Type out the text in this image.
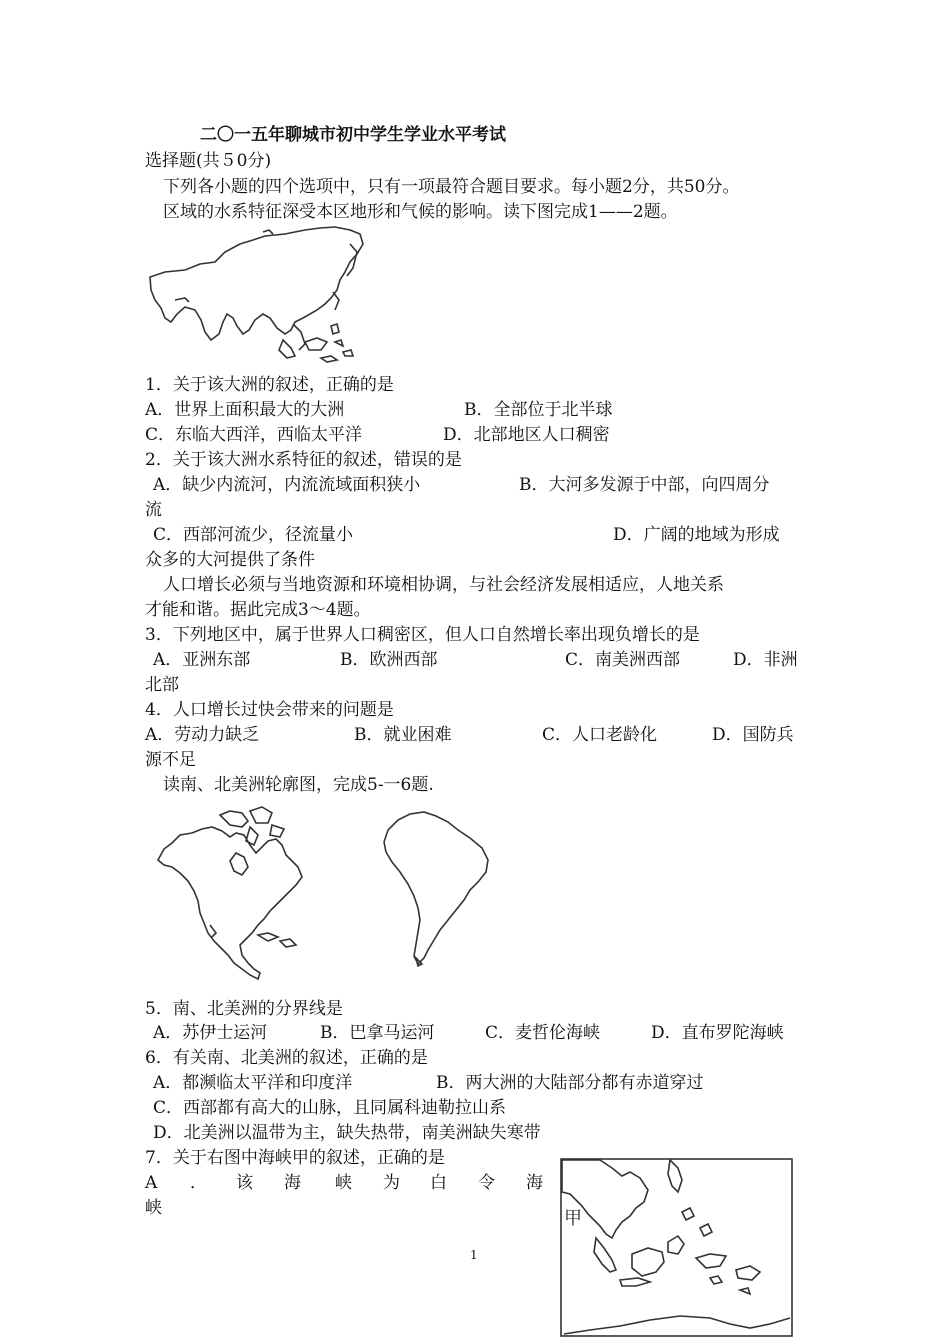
二〇一五年聊城市初中学生学业水平考试
选择题(共５0分)
下列各小题的四个选项中，只有一项最符合题目要求。每小题2分，共50分。
区域的水系特征深受本区地形和气候的影响。读下图完成1——2题。
1．关于该大洲的叙述，正确的是
A．世界上面积最大的大洲	B．全部位于北半球
C．东临大西洋，西临太平洋	D．北部地区人口稠密
2．关于该大洲水系特征的叙述，错误的是
A．缺少内流河，内流流域面积狭小	B．大河多发源于中部，向四周分
流
C．西部河流少，径流量小	D．广阔的地域为形成
众多的大河提供了条件
人口增长必须与当地资源和环境相协调，与社会经济发展相适应，人地关系
才能和谐。据此完成3～4题。
3．下列地区中，属于世界人口稠密区，但人口自然增长率出现负增长的是
A．亚洲东部	B．欧洲西部	C．南美洲西部	D．非洲
北部
4．人口增长过快会带来的问题是
A．劳动力缺乏	B．就业困难	C．人口老龄化	D．国防兵
源不足
读南、北美洲轮廓图，完成5-一6题.
5．南、北美洲的分界线是
A．苏伊士运河	B．巴拿马运河	C．麦哲伦海峡	D．直布罗陀海峡
6．有关南、北美洲的叙述，正确的是
A．都濒临太平洋和印度洋	B．两大洲的大陆部分都有赤道穿过
C．西部都有高大的山脉，且同属科迪勒拉山系
D．北美洲以温带为主，缺失热带，南美洲缺失寒带
7．关于右图中海峡甲的叙述，正确的是
A ． 该 海 峡 为 白 令 海
峡	甲
1
